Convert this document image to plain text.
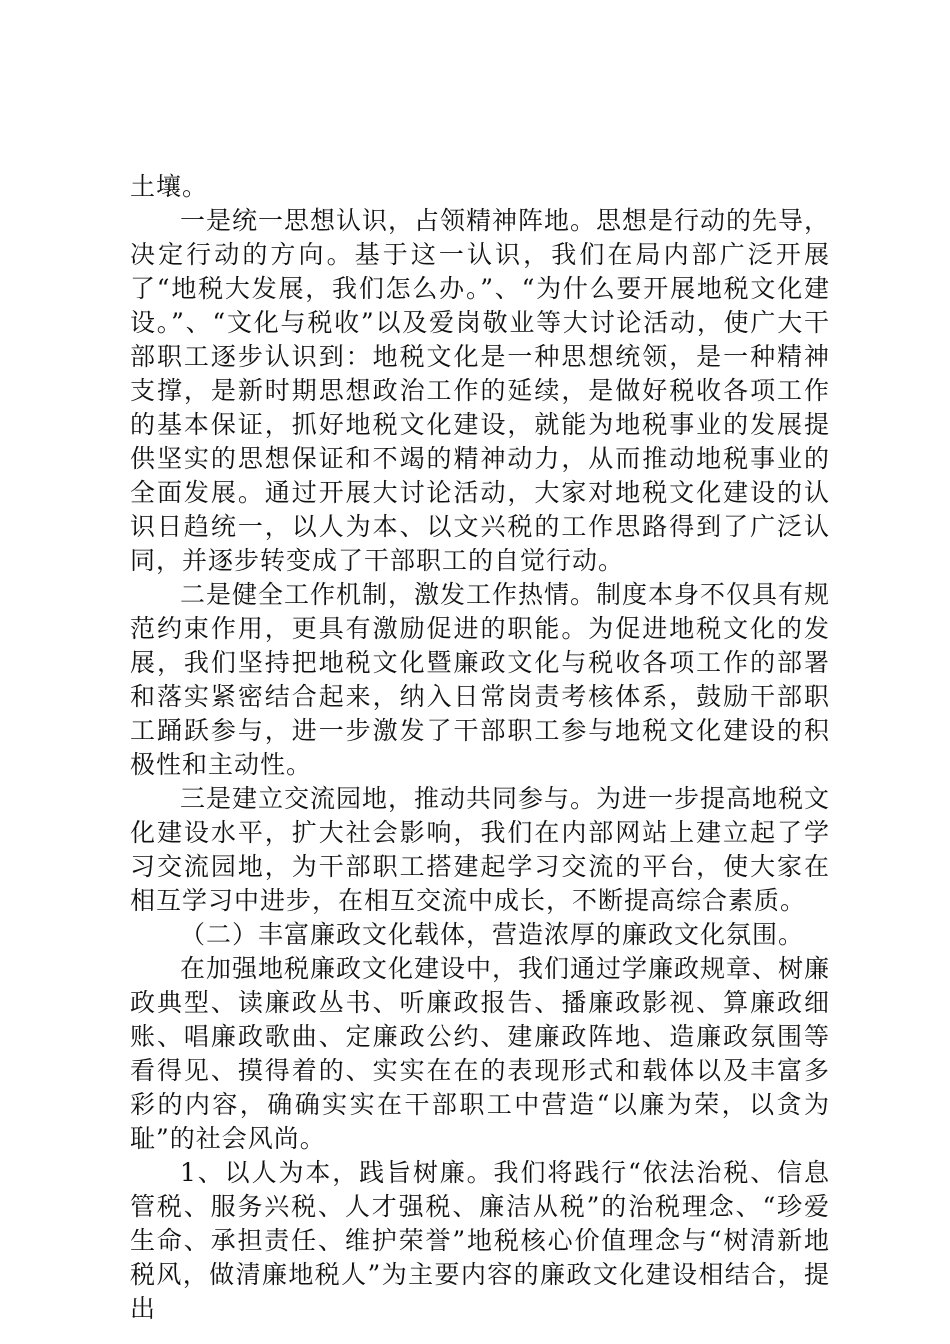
土壤。

一是统一思想认识，占领精神阵地。思想是行动的先导，决定行动的方向。基于这一认识，我们在局内部广泛开展了“地税大发展，我们怎么办。”、“为什么要开展地税文化建设。”、“文化与税收”以及爱岗敬业等大讨论活动，使广大干部职工逐步认识到：地税文化是一种思想统领，是一种精神支撑，是新时期思想政治工作的延续，是做好税收各项工作的基本保证，抓好地税文化建设，就能为地税事业的发展提供坚实的思想保证和不竭的精神动力，从而推动地税事业的全面发展。通过开展大讨论活动，大家对地税文化建设的认识日趋统一，以人为本、以文兴税的工作思路得到了广泛认同，并逐步转变成了干部职工的自觉行动。

二是健全工作机制，激发工作热情。制度本身不仅具有规范约束作用，更具有激励促进的职能。为促进地税文化的发展，我们坚持把地税文化暨廉政文化与税收各项工作的部署和落实紧密结合起来，纳入日常岗责考核体系，鼓励干部职工踊跃参与，进一步激发了干部职工参与地税文化建设的积极性和主动性。

三是建立交流园地，推动共同参与。为进一步提高地税文化建设水平，扩大社会影响，我们在内部网站上建立起了学习交流园地，为干部职工搭建起学习交流的平台，使大家在相互学习中进步，在相互交流中成长，不断提高综合素质。

（二）丰富廉政文化载体，营造浓厚的廉政文化氛围。

在加强地税廉政文化建设中，我们通过学廉政规章、树廉政典型、读廉政丛书、听廉政报告、播廉政影视、算廉政细账、唱廉政歌曲、定廉政公约、建廉政阵地、造廉政氛围等看得见、摸得着的、实实在在的表现形式和载体以及丰富多彩的内容，确确实实在干部职工中营造“以廉为荣，以贪为耻”的社会风尚。

1、以人为本，践旨树廉。我们将践行“依法治税、信息管税、服务兴税、人才强税、廉洁从税”的治税理念、“珍爱生命、承担责任、维护荣誉”地税核心价值理念与“树清新地税风，做清廉地税人”为主要内容的廉政文化建设相结合，提出
